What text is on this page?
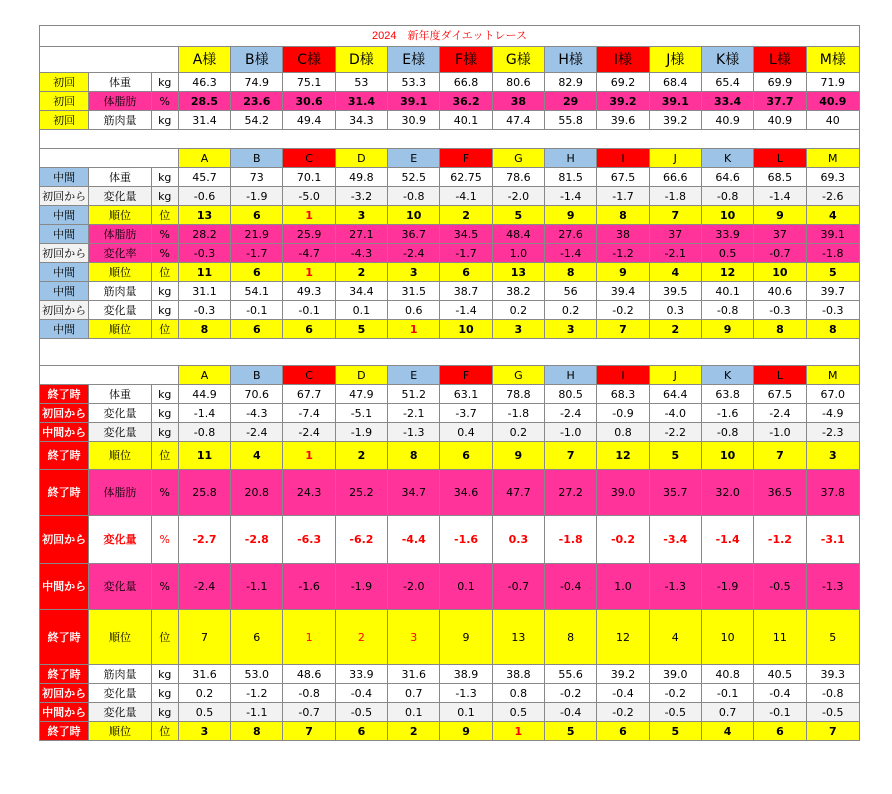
2024　新年度ダイエットレース															
			A様	B様	C様	D様	E様	F様	G様	H様	I様	J様	K様	L様	M様
初回	体重	kg	46.3	74.9	75.1	53	53.3	66.8	80.6	82.9	69.2	68.4	65.4	69.9	71.9
初回	体脂肪	%	28.5	23.6	30.6	31.4	39.1	36.2	38	29	39.2	39.1	33.4	37.7	40.9
初回	筋肉量	kg	31.4	54.2	49.4	34.3	30.9	40.1	47.4	55.8	39.6	39.2	40.9	40.9	40

			A	B	C	D	E	F	G	H	I	J	K	L	M
中間	体重	kg	45.7	73	70.1	49.8	52.5	62.75	78.6	81.5	67.5	66.6	64.6	68.5	69.3
初回から	変化量	kg	-0.6	-1.9	-5.0	-3.2	-0.8	-4.1	-2.0	-1.4	-1.7	-1.8	-0.8	-1.4	-2.6
中間	順位	位	13	6	1	3	10	2	5	9	8	7	10	9	4
中間	体脂肪	%	28.2	21.9	25.9	27.1	36.7	34.5	48.4	27.6	38	37	33.9	37	39.1
初回から	変化率	%	-0.3	-1.7	-4.7	-4.3	-2.4	-1.7	1.0	-1.4	-1.2	-2.1	0.5	-0.7	-1.8
中間	順位	位	11	6	1	2	3	6	13	8	9	4	12	10	5
中間	筋肉量	kg	31.1	54.1	49.3	34.4	31.5	38.7	38.2	56	39.4	39.5	40.1	40.6	39.7
初回から	変化量	kg	-0.3	-0.1	-0.1	0.1	0.6	-1.4	0.2	0.2	-0.2	0.3	-0.8	-0.3	-0.3
中間	順位	位	8	6	6	5	1	10	3	3	7	2	9	8	8

			A	B	C	D	E	F	G	H	I	J	K	L	M
終了時	体重	kg	44.9	70.6	67.7	47.9	51.2	63.1	78.8	80.5	68.3	64.4	63.8	67.5	67.0
初回から	変化量	kg	-1.4	-4.3	-7.4	-5.1	-2.1	-3.7	-1.8	-2.4	-0.9	-4.0	-1.6	-2.4	-4.9
中間から	変化量	kg	-0.8	-2.4	-2.4	-1.9	-1.3	0.4	0.2	-1.0	0.8	-2.2	-0.8	-1.0	-2.3
終了時	順位	位	11	4	1	2	8	6	9	7	12	5	10	7	3
終了時	体脂肪	%	25.8	20.8	24.3	25.2	34.7	34.6	47.7	27.2	39.0	35.7	32.0	36.5	37.8
初回から	変化量	%	-2.7	-2.8	-6.3	-6.2	-4.4	-1.6	0.3	-1.8	-0.2	-3.4	-1.4	-1.2	-3.1
中間から	変化量	%	-2.4	-1.1	-1.6	-1.9	-2.0	0.1	-0.7	-0.4	1.0	-1.3	-1.9	-0.5	-1.3
終了時	順位	位	7	6	1	2	3	9	13	8	12	4	10	11	5
終了時	筋肉量	kg	31.6	53.0	48.6	33.9	31.6	38.9	38.8	55.6	39.2	39.0	40.8	40.5	39.3
初回から	変化量	kg	0.2	-1.2	-0.8	-0.4	0.7	-1.3	0.8	-0.2	-0.4	-0.2	-0.1	-0.4	-0.8
中間から	変化量	kg	0.5	-1.1	-0.7	-0.5	0.1	0.1	0.5	-0.4	-0.2	-0.5	0.7	-0.1	-0.5
終了時	順位	位	3	8	7	6	2	9	1	5	6	5	4	6	7
